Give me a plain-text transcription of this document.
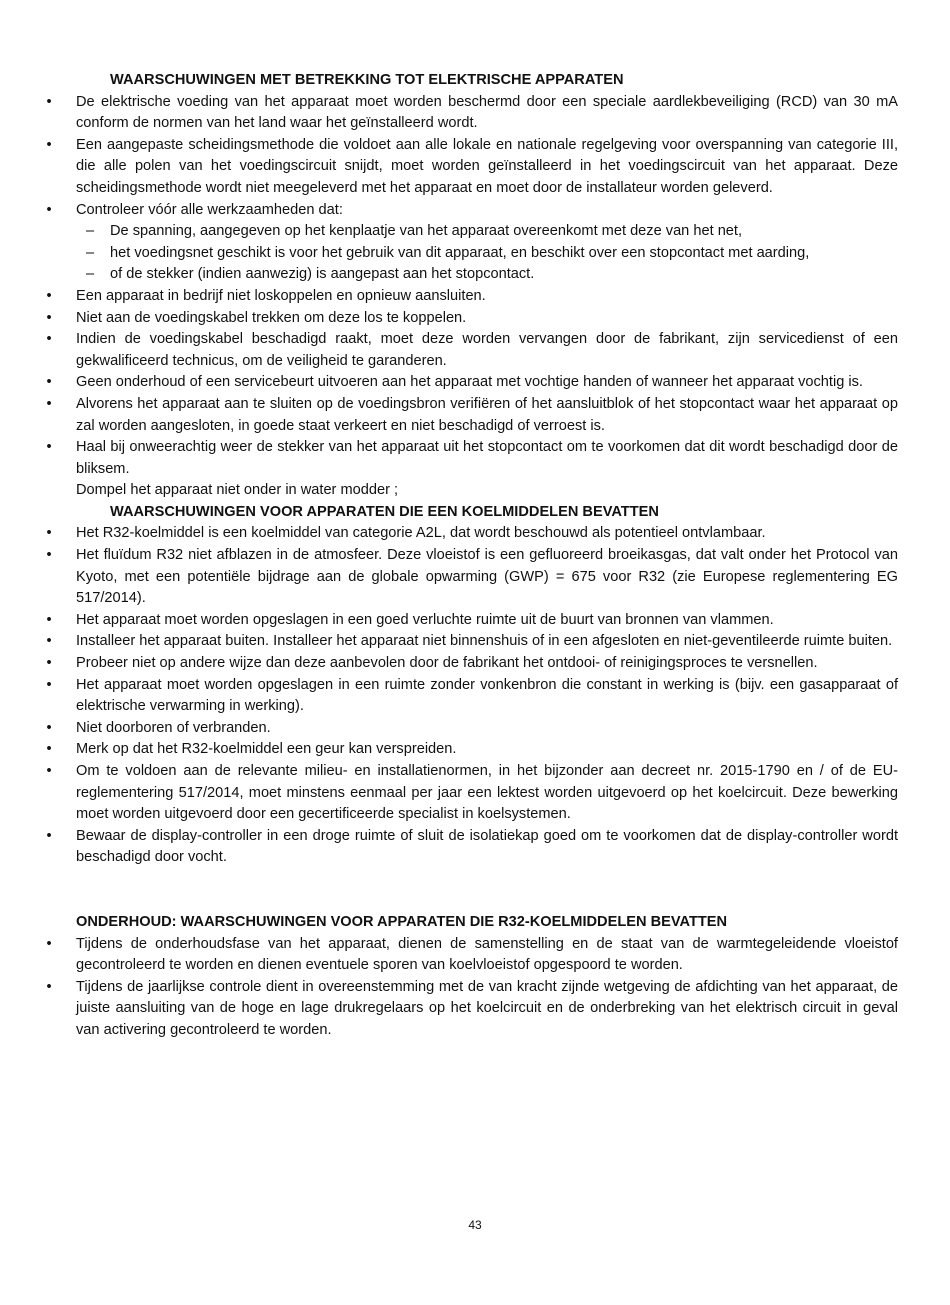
WAARSCHUWINGEN MET BETREKKING TOT ELEKTRISCHE APPARATEN

•	De elektrische voeding van het apparaat moet worden beschermd door een speciale aardlekbeveiliging (RCD) van 30 mA conform de normen van het land waar het geïnstalleerd wordt.
•	Een aangepaste scheidingsmethode die voldoet aan alle lokale en nationale regelgeving voor overspanning van categorie III, die alle polen van het voedingscircuit snijdt, moet worden geïnstalleerd in het voedingscircuit van het apparaat. Deze scheidingsmethode wordt niet meegeleverd met het apparaat en moet door de installateur worden geleverd.
•	Controleer vóór alle werkzaamheden dat:
– De spanning, aangegeven op het kenplaatje van het apparaat overeenkomt met deze van het net,
– het voedingsnet geschikt is voor het gebruik van dit apparaat, en beschikt over een stopcontact met aarding,
– of de stekker (indien aanwezig) is aangepast aan het stopcontact.
•	Een apparaat in bedrijf niet loskoppelen en opnieuw aansluiten.
•	Niet aan de voedingskabel trekken om deze los te koppelen.
•	Indien de voedingskabel beschadigd raakt, moet deze worden vervangen door de fabrikant, zijn servicedienst of een gekwalificeerd technicus, om de veiligheid te garanderen.
•	Geen onderhoud of een servicebeurt uitvoeren aan het apparaat met vochtige handen of wanneer het apparaat vochtig is.
•	Alvorens het apparaat aan te sluiten op de voedingsbron verifiëren of het aansluitblok of het stopcontact waar het apparaat op zal worden aangesloten, in goede staat verkeert en niet beschadigd of verroest is.
•	Haal bij onweerachtig weer de stekker van het apparaat uit het stopcontact om te voorkomen dat dit wordt beschadigd door de bliksem.

Dompel het apparaat niet onder in water modder ;

WAARSCHUWINGEN VOOR APPARATEN DIE EEN KOELMIDDELEN BEVATTEN

•	Het R32-koelmiddel is een koelmiddel van categorie A2L, dat wordt beschouwd als potentieel ontvlambaar.
•	Het fluïdum R32 niet afblazen in de atmosfeer. Deze vloeistof is een gefluoreerd broeikasgas, dat valt onder het Protocol van Kyoto, met een potentiële bijdrage aan de globale opwarming (GWP) = 675 voor R32 (zie Europese reglementering EG 517/2014).
•	Het apparaat moet worden opgeslagen in een goed verluchte ruimte uit de buurt van bronnen van vlammen.
•	Installeer het apparaat buiten. Installeer het apparaat niet binnenshuis of in een afgesloten en niet-geventileerde ruimte buiten.
•	Probeer niet op andere wijze dan deze aanbevolen door de fabrikant het ontdooi- of reinigingsproces te versnellen.
•	Het apparaat moet worden opgeslagen in een ruimte zonder vonkenbron die constant in werking is (bijv. een gasapparaat of elektrische verwarming in werking).
•	Niet doorboren of verbranden.
•	Merk op dat het R32-koelmiddel een geur kan verspreiden.
•	Om te voldoen aan de relevante milieu- en installatienormen, in het bijzonder aan decreet nr. 2015-1790 en / of de EU-reglementering 517/2014, moet minstens eenmaal per jaar een lektest worden uitgevoerd op het koelcircuit. Deze bewerking moet worden uitgevoerd door een gecertificeerde specialist in koelsystemen.
•	Bewaar de display-controller in een droge ruimte of sluit de isolatiekap goed om te voorkomen dat de display-controller wordt beschadigd door vocht.

ONDERHOUD: WAARSCHUWINGEN VOOR APPARATEN DIE R32-KOELMIDDELEN BEVATTEN

•	Tijdens de onderhoudsfase van het apparaat, dienen de samenstelling en de staat van de warmtegeleidende vloeistof gecontroleerd te worden en dienen eventuele sporen van koelvloeistof opgespoord te worden.
•	Tijdens de jaarlijkse controle dient in overeenstemming met de van kracht zijnde wetgeving de afdichting van het apparaat, de juiste aansluiting van de hoge en lage drukregelaars op het koelcircuit en de onderbreking van het elektrisch circuit in geval van activering gecontroleerd te worden.
43
